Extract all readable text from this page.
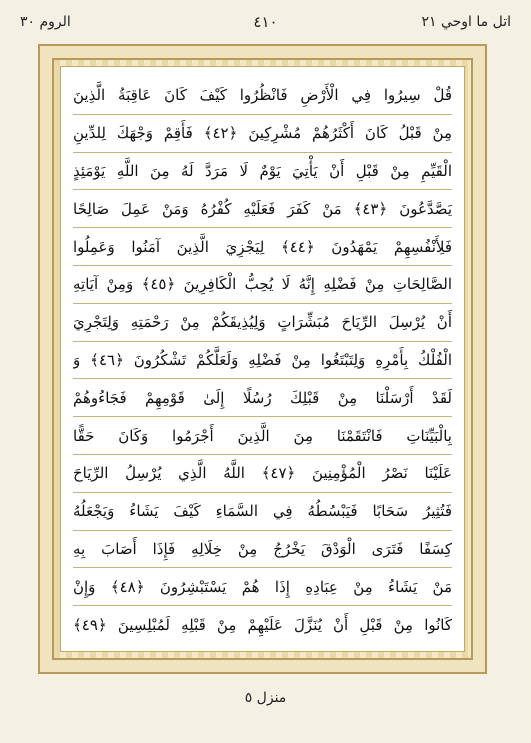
الروم ٣٠	٤١٠	اتل ما اوحي ٢١
قُلْ سِيرُوا فِي الْأَرْضِ فَانْظُرُوا كَيْفَ كَانَ عَاقِبَةُ الَّذِينَ
مِنْ قَبْلُ كَانَ أَكْثَرُهُمْ مُشْرِكِينَ ﴿٤٢﴾ فَأَقِمْ وَجْهَكَ لِلدِّينِ
الْقَيِّمِ مِنْ قَبْلِ أَنْ يَأْتِيَ يَوْمٌ لَا مَرَدَّ لَهُ مِنَ اللَّهِ يَوْمَئِذٍ
يَصَّدَّعُونَ ﴿٤٣﴾ مَنْ كَفَرَ فَعَلَيْهِ كُفْرُهُ وَمَنْ عَمِلَ صَالِحًا
فَلِأَنْفُسِهِمْ يَمْهَدُونَ ﴿٤٤﴾ لِيَجْزِيَ الَّذِينَ آمَنُوا وَعَمِلُوا
الصَّالِحَاتِ مِنْ فَضْلِهِ إِنَّهُ لَا يُحِبُّ الْكَافِرِينَ ﴿٤٥﴾ وَمِنْ آيَاتِهِ
أَنْ يُرْسِلَ الرِّيَاحَ مُبَشِّرَاتٍ وَلِيُذِيقَكُمْ مِنْ رَحْمَتِهِ وَلِتَجْرِيَ
الْفُلْكُ بِأَمْرِهِ وَلِتَبْتَغُوا مِنْ فَضْلِهِ وَلَعَلَّكُمْ تَشْكُرُونَ ﴿٤٦﴾ وَ
لَقَدْ أَرْسَلْنَا مِنْ قَبْلِكَ رُسُلًا إِلَىٰ قَوْمِهِمْ فَجَاءُوهُمْ
بِالْبَيِّنَاتِ فَانْتَقَمْنَا مِنَ الَّذِينَ أَجْرَمُوا وَكَانَ حَقًّا
عَلَيْنَا نَصْرُ الْمُؤْمِنِينَ ﴿٤٧﴾ اللَّهُ الَّذِي يُرْسِلُ الرِّيَاحَ
فَتُثِيرُ سَحَابًا فَيَبْسُطُهُ فِي السَّمَاءِ كَيْفَ يَشَاءُ وَيَجْعَلُهُ
كِسَفًا فَتَرَى الْوَدْقَ يَخْرُجُ مِنْ خِلَالِهِ فَإِذَا أَصَابَ بِهِ
مَنْ يَشَاءُ مِنْ عِبَادِهِ إِذَا هُمْ يَسْتَبْشِرُونَ ﴿٤٨﴾ وَإِنْ
كَانُوا مِنْ قَبْلِ أَنْ يُنَزَّلَ عَلَيْهِمْ مِنْ قَبْلِهِ لَمُبْلِسِينَ ﴿٤٩﴾
منزل ٥
